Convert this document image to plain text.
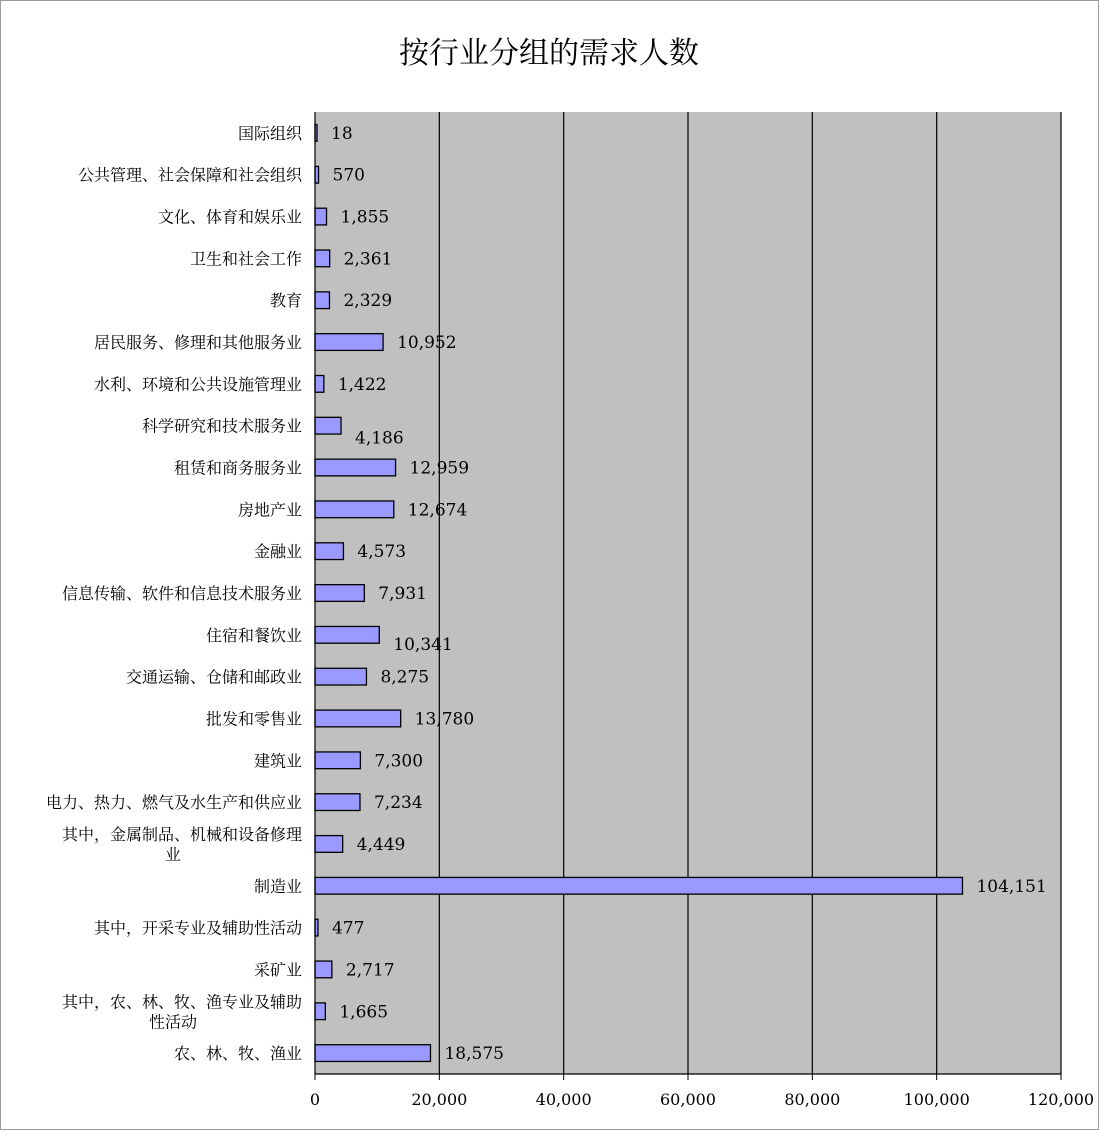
按行业分组的需求人数
国际组织
公共管理、社会保障和社会组织
文化、体育和娱乐业
卫生和社会工作
教育
居民服务、修理和其他服务业
水利、环境和公共设施管理业
科学研究和技术服务业
租赁和商务服务业
房地产业
金融业
信息传输、软件和信息技术服务业
住宿和餐饮业
交通运输、仓储和邮政业
批发和零售业
建筑业
电力、热力、燃气及水生产和供应业
其中，金属制品、机械和设备修理
业
制造业
其中，开采专业及辅助性活动
采矿业
其中，农、林、牧、渔专业及辅助
性活动
农、林、牧、渔业
18
570
1,855
2,361
2,329
10,952
1,422
4,186
12,959
12,674
4,573
7,931
10,341
8,275
13,780
7,300
7,234
4,449
104,151
477
2,717
1,665
18,575
0	20,000	40,000	60,000	80,000	100,000	120,000
